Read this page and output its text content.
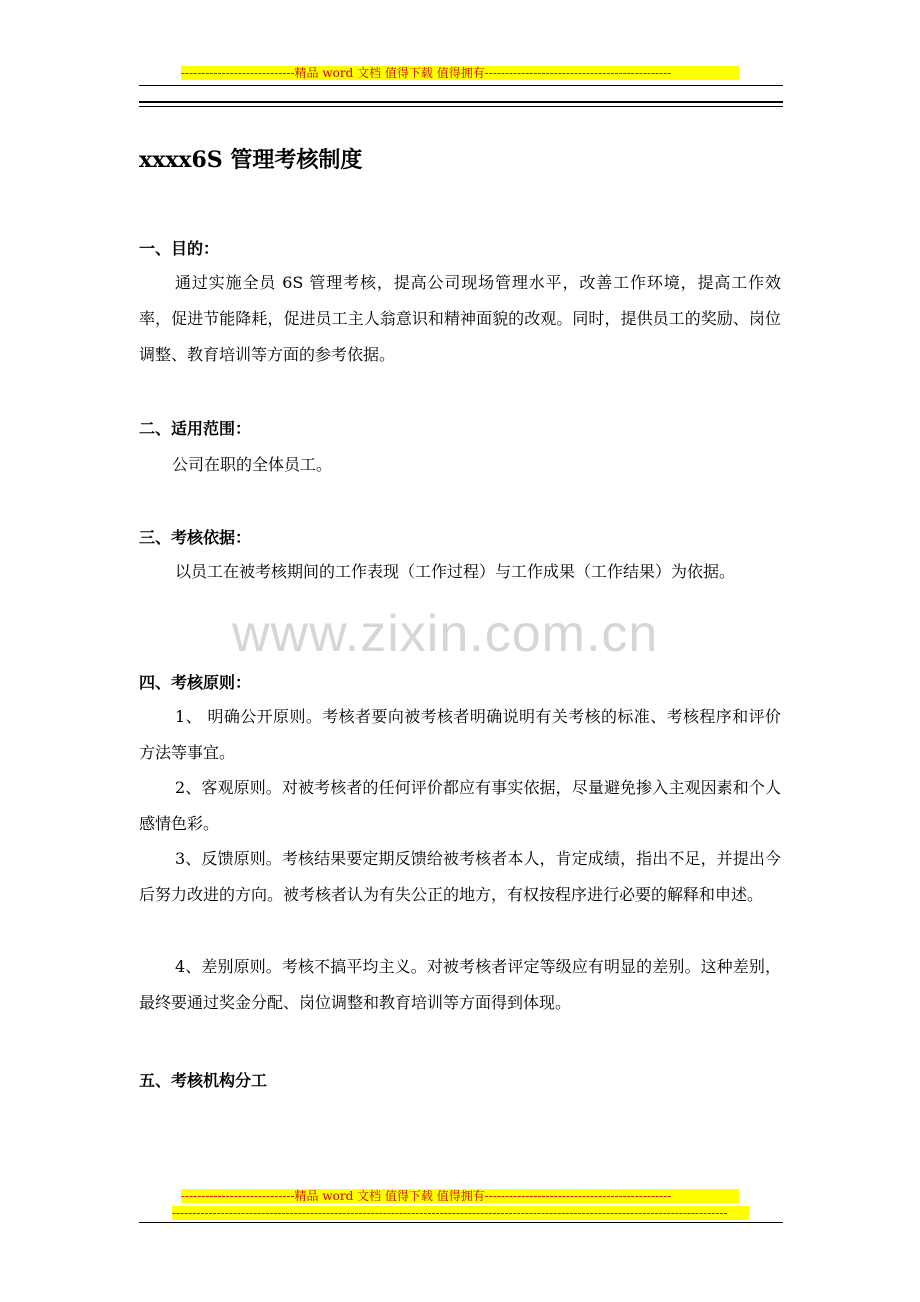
----------------------------精品 word 文档 值得下载 值得拥有----------------------------------------------
xxxx6S 管理考核制度
一、目的：
通过实施全员 6S 管理考核，提高公司现场管理水平，改善工作环境，提高工作效率，促进节能降耗，促进员工主人翁意识和精神面貌的改观。同时，提供员工的奖励、岗位调整、教育培训等方面的参考依据。
二、适用范围：
公司在职的全体员工。
三、考核依据：
以员工在被考核期间的工作表现（工作过程）与工作成果（工作结果）为依据。
www.zixin.com.cn
四、考核原则：
1、 明确公开原则。考核者要向被考核者明确说明有关考核的标准、考核程序和评价方法等事宜。
2、客观原则。对被考核者的任何评价都应有事实依据，尽量避免掺入主观因素和个人感情色彩。
3、反馈原则。考核结果要定期反馈给被考核者本人，肯定成绩，指出不足，并提出今后努力改进的方向。被考核者认为有失公正的地方，有权按程序进行必要的解释和申述。
4、差别原则。考核不搞平均主义。对被考核者评定等级应有明显的差别。这种差别，最终要通过奖金分配、岗位调整和教育培训等方面得到体现。
五、考核机构分工
----------------------------精品 word 文档 值得下载 值得拥有----------------------------------------------
-----------------------------------------------------------------------------------------------------------------------------------------
